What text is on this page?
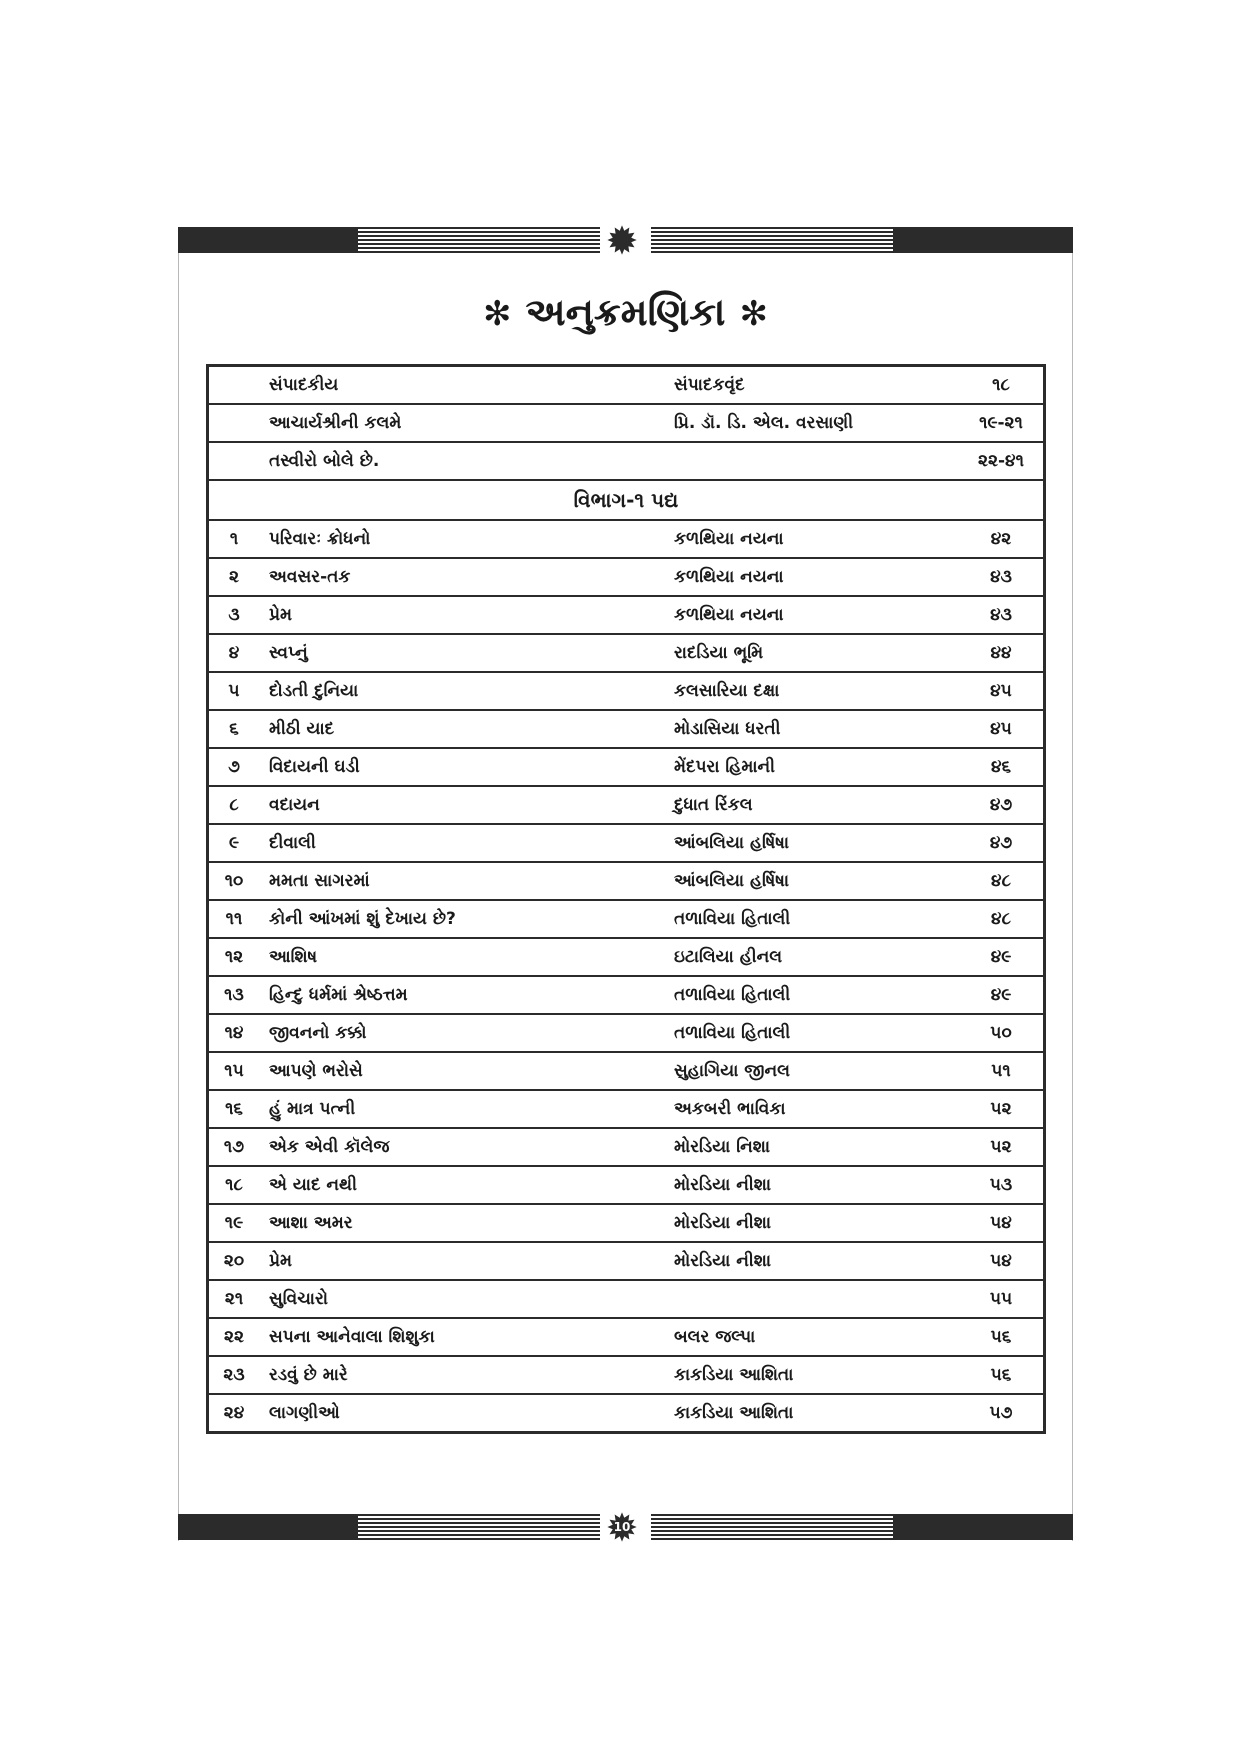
✻ અનુક્રમણિકા ✻
	સંપાદકીય	સંપાદકવૃંદ	૧૮
	આચાર્યશ્રીની કલમે	પ્રિ. ડૉ. ડિ. એલ. વરસાણી	૧૯-૨૧
	તસ્વીરો બોલે છે.		૨૨-૪૧
વિભાગ-૧ પદ્ય			
૧	પરિવારઃ ક્રોધનો	કળથિયા નયના	૪૨
૨	અવસર-તક	કળથિયા નયના	૪૩
૩	પ્રેમ	કળથિયા નયના	૪૩
૪	સ્વપ્નું	રાદડિયા ભૂમિ	૪૪
૫	દોડતી દુનિયા	કલસારિયા દક્ષા	૪૫
૬	મીઠી યાદ	મોડાસિયા ધરતી	૪૫
૭	વિદાયની ઘડી	મેંદપરા હિમાની	૪૬
૮	વદાયન	દુધાત રિંકલ	૪૭
૯	દીવાલી	આંબલિયા હર્ષિષા	૪૭
૧૦	મમતા સાગરમાં	આંબલિયા હર્ષિષા	૪૮
૧૧	કોની આંખમાં શું દેખાય છે?	તળાવિયા હિતાલી	૪૮
૧૨	આશિષ	ઇટાલિયા હીનલ	૪૯
૧૩	હિન્દુ ધર્મમાં શ્રેષ્ઠત્તમ	તળાવિયા હિતાલી	૪૯
૧૪	જીવનનો કક્કો	તળાવિયા હિતાલી	૫૦
૧૫	આપણે ભરોસે	સુહાગિયા જીનલ	૫૧
૧૬	હું માત્ર પત્ની	અકબરી ભાવિકા	૫૨
૧૭	એક એવી કૉલેજ	મોરડિયા નિશા	૫૨
૧૮	એ યાદ નથી	મોરડિયા નીશા	૫૩
૧૯	આશા અમર	મોરડિયા નીશા	૫૪
૨૦	પ્રેમ	મોરડિયા નીશા	૫૪
૨૧	સુવિચારો		૫૫
૨૨	સપના આનેવાલા શિશુકા	બલર જલ્પા	૫૬
૨૩	રડવું છે મારે	કાકડિયા આશિતા	૫૬
૨૪	લાગણીઓ	કાકડિયા આશિતા	૫૭
10
